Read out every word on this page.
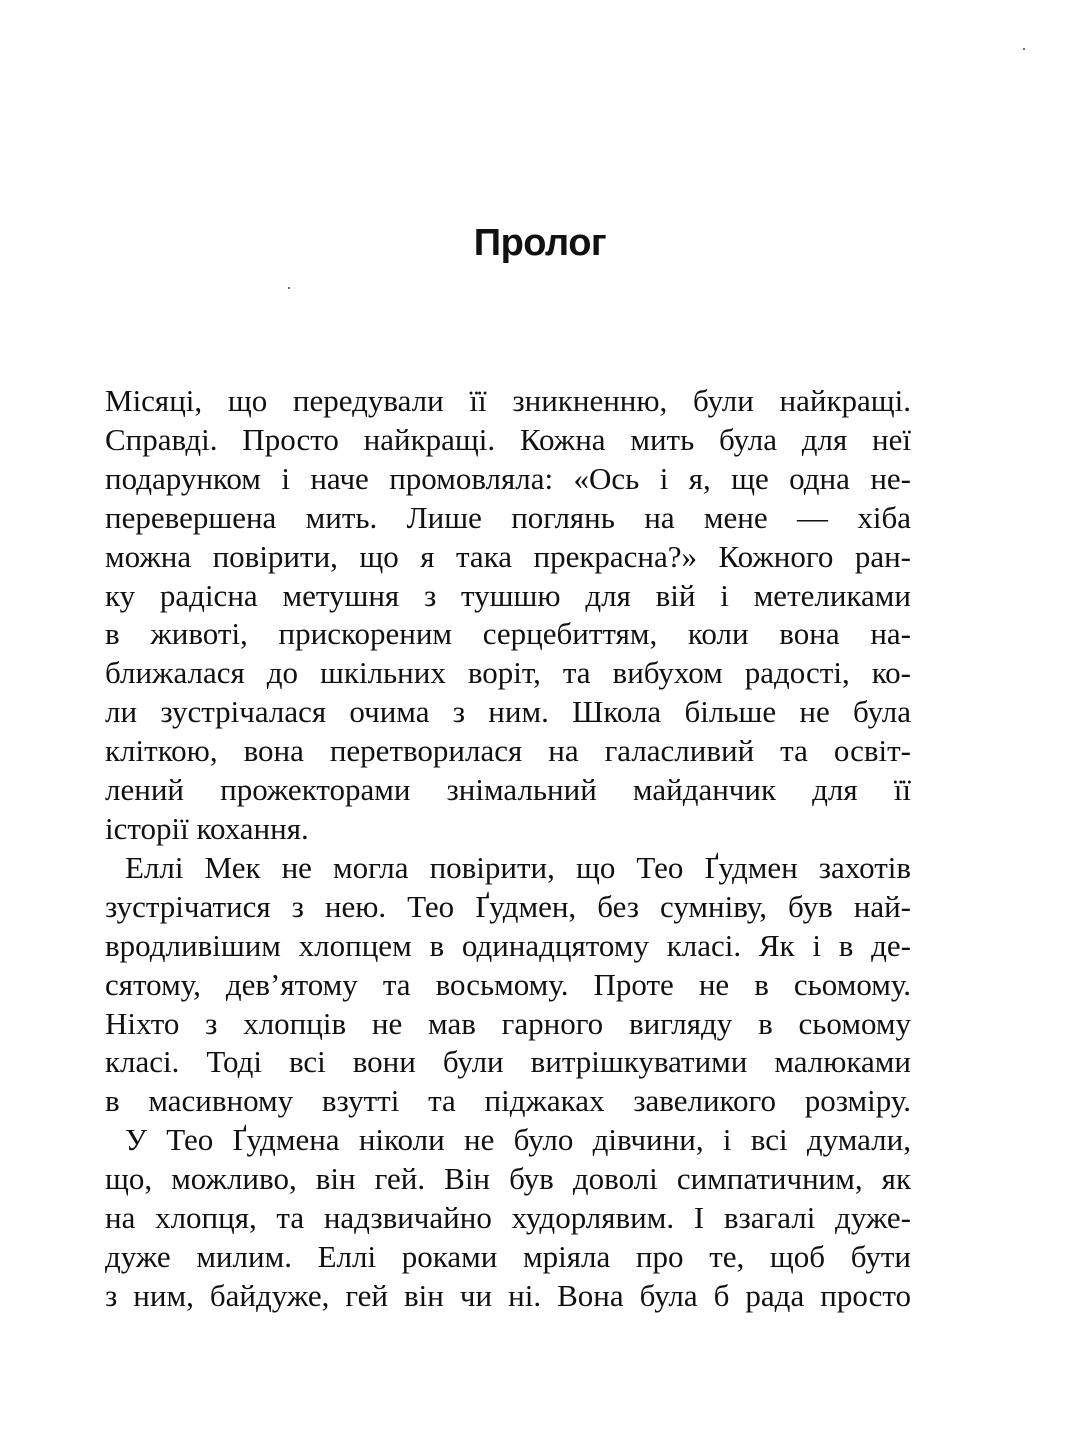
Пролог
Місяці, що передували її зникненню, були найкращі.
Справді. Просто найкращі. Кожна мить була для неї
подарунком і наче промовляла: «Ось і я, ще одна не-
перевершена мить. Лише поглянь на мене — хіба
можна повірити, що я така прекрасна?» Кожного ран-
ку радісна метушня з тушшю для вій і метеликами
в животі, прискореним серцебиттям, коли вона на-
ближалася до шкільних воріт, та вибухом радості, ко-
ли зустрічалася очима з ним. Школа більше не була
кліткою, вона перетворилася на галасливий та освіт-
лений прожекторами знімальний майданчик для її
історії кохання.
Еллі Мек не могла повірити, що Тео Ґудмен захотів
зустрічатися з нею. Тео Ґудмен, без сумніву, був най-
вродливішим хлопцем в одинадцятому класі. Як і в де-
сятому, дев’ятому та восьмому. Проте не в сьомому.
Ніхто з хлопців не мав гарного вигляду в сьомому
класі. Тоді всі вони були витрішкуватими малюками
в масивному взутті та піджаках завеликого розміру.
У Тео Ґудмена ніколи не було дівчини, і всі думали,
що, можливо, він гей. Він був доволі симпатичним, як
на хлопця, та надзвичайно худорлявим. І взагалі дуже-
дуже милим. Еллі роками мріяла про те, щоб бути
з ним, байдуже, гей він чи ні. Вона була б рада просто
